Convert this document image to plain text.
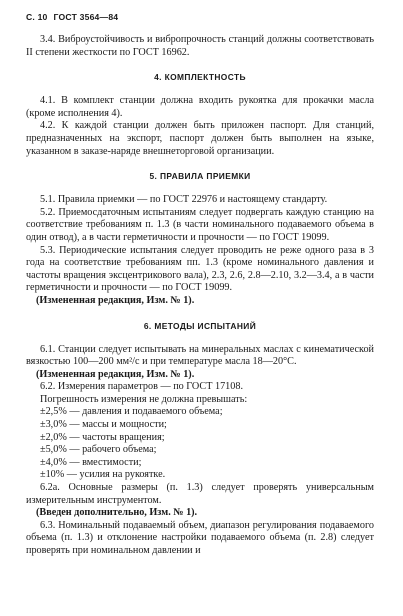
С. 10 ГОСТ 3564—84

3.4. Виброустойчивость и вибропрочность станций должны соответствовать II степени жесткости по ГОСТ 16962.

4. КОМПЛЕКТНОСТЬ

4.1. В комплект станции должна входить рукоятка для прокачки масла (кроме исполнения 4).

4.2. К каждой станции должен быть приложен паспорт. Для станций, предназначенных на экспорт, паспорт должен быть выполнен на языке, указанном в заказе-наряде внешнеторговой организации.

5. ПРАВИЛА ПРИЕМКИ

5.1. Правила приемки — по ГОСТ 22976 и настоящему стандарту.

5.2. Приемосдаточным испытаниям следует подвергать каждую станцию на соответствие требованиям п. 1.3 (в части номинального подаваемого объема в один отвод), а в части герметичности и прочности — по ГОСТ 19099.

5.3. Периодические испытания следует проводить не реже одного раза в 3 года на соответствие требованиям пп. 1.3 (кроме номинального давления и частоты вращения эксцентрикового вала), 2.3, 2.6, 2.8—2.10, 3.2—3.4, а в части герметичности и прочности — по ГОСТ 19099.

(Измененная редакция, Изм. № 1).

6. МЕТОДЫ ИСПЫТАНИЙ

6.1. Станции следует испытывать на минеральных маслах с кинематической вязкостью 100—200 мм²/с и при температуре масла 18—20°С.

(Измененная редакция, Изм. № 1).

6.2. Измерения параметров — по ГОСТ 17108.

Погрешность измерения не должна превышать:

±2,5% — давления и подаваемого объема;

±3,0% — массы и мощности;

±2,0% — частоты вращения;

±5,0% — рабочего объема;

±4,0% — вместимости;

±10% — усилия на рукоятке.

6.2а. Основные размеры (п. 1.3) следует проверять универсальным измерительным инструментом.

(Введен дополнительно, Изм. № 1).

6.3. Номинальный подаваемый объем, диапазон регулирования подаваемого объема (п. 1.3) и отклонение настройки подаваемого объема (п. 2.8) следует проверять при номинальном давлении и
